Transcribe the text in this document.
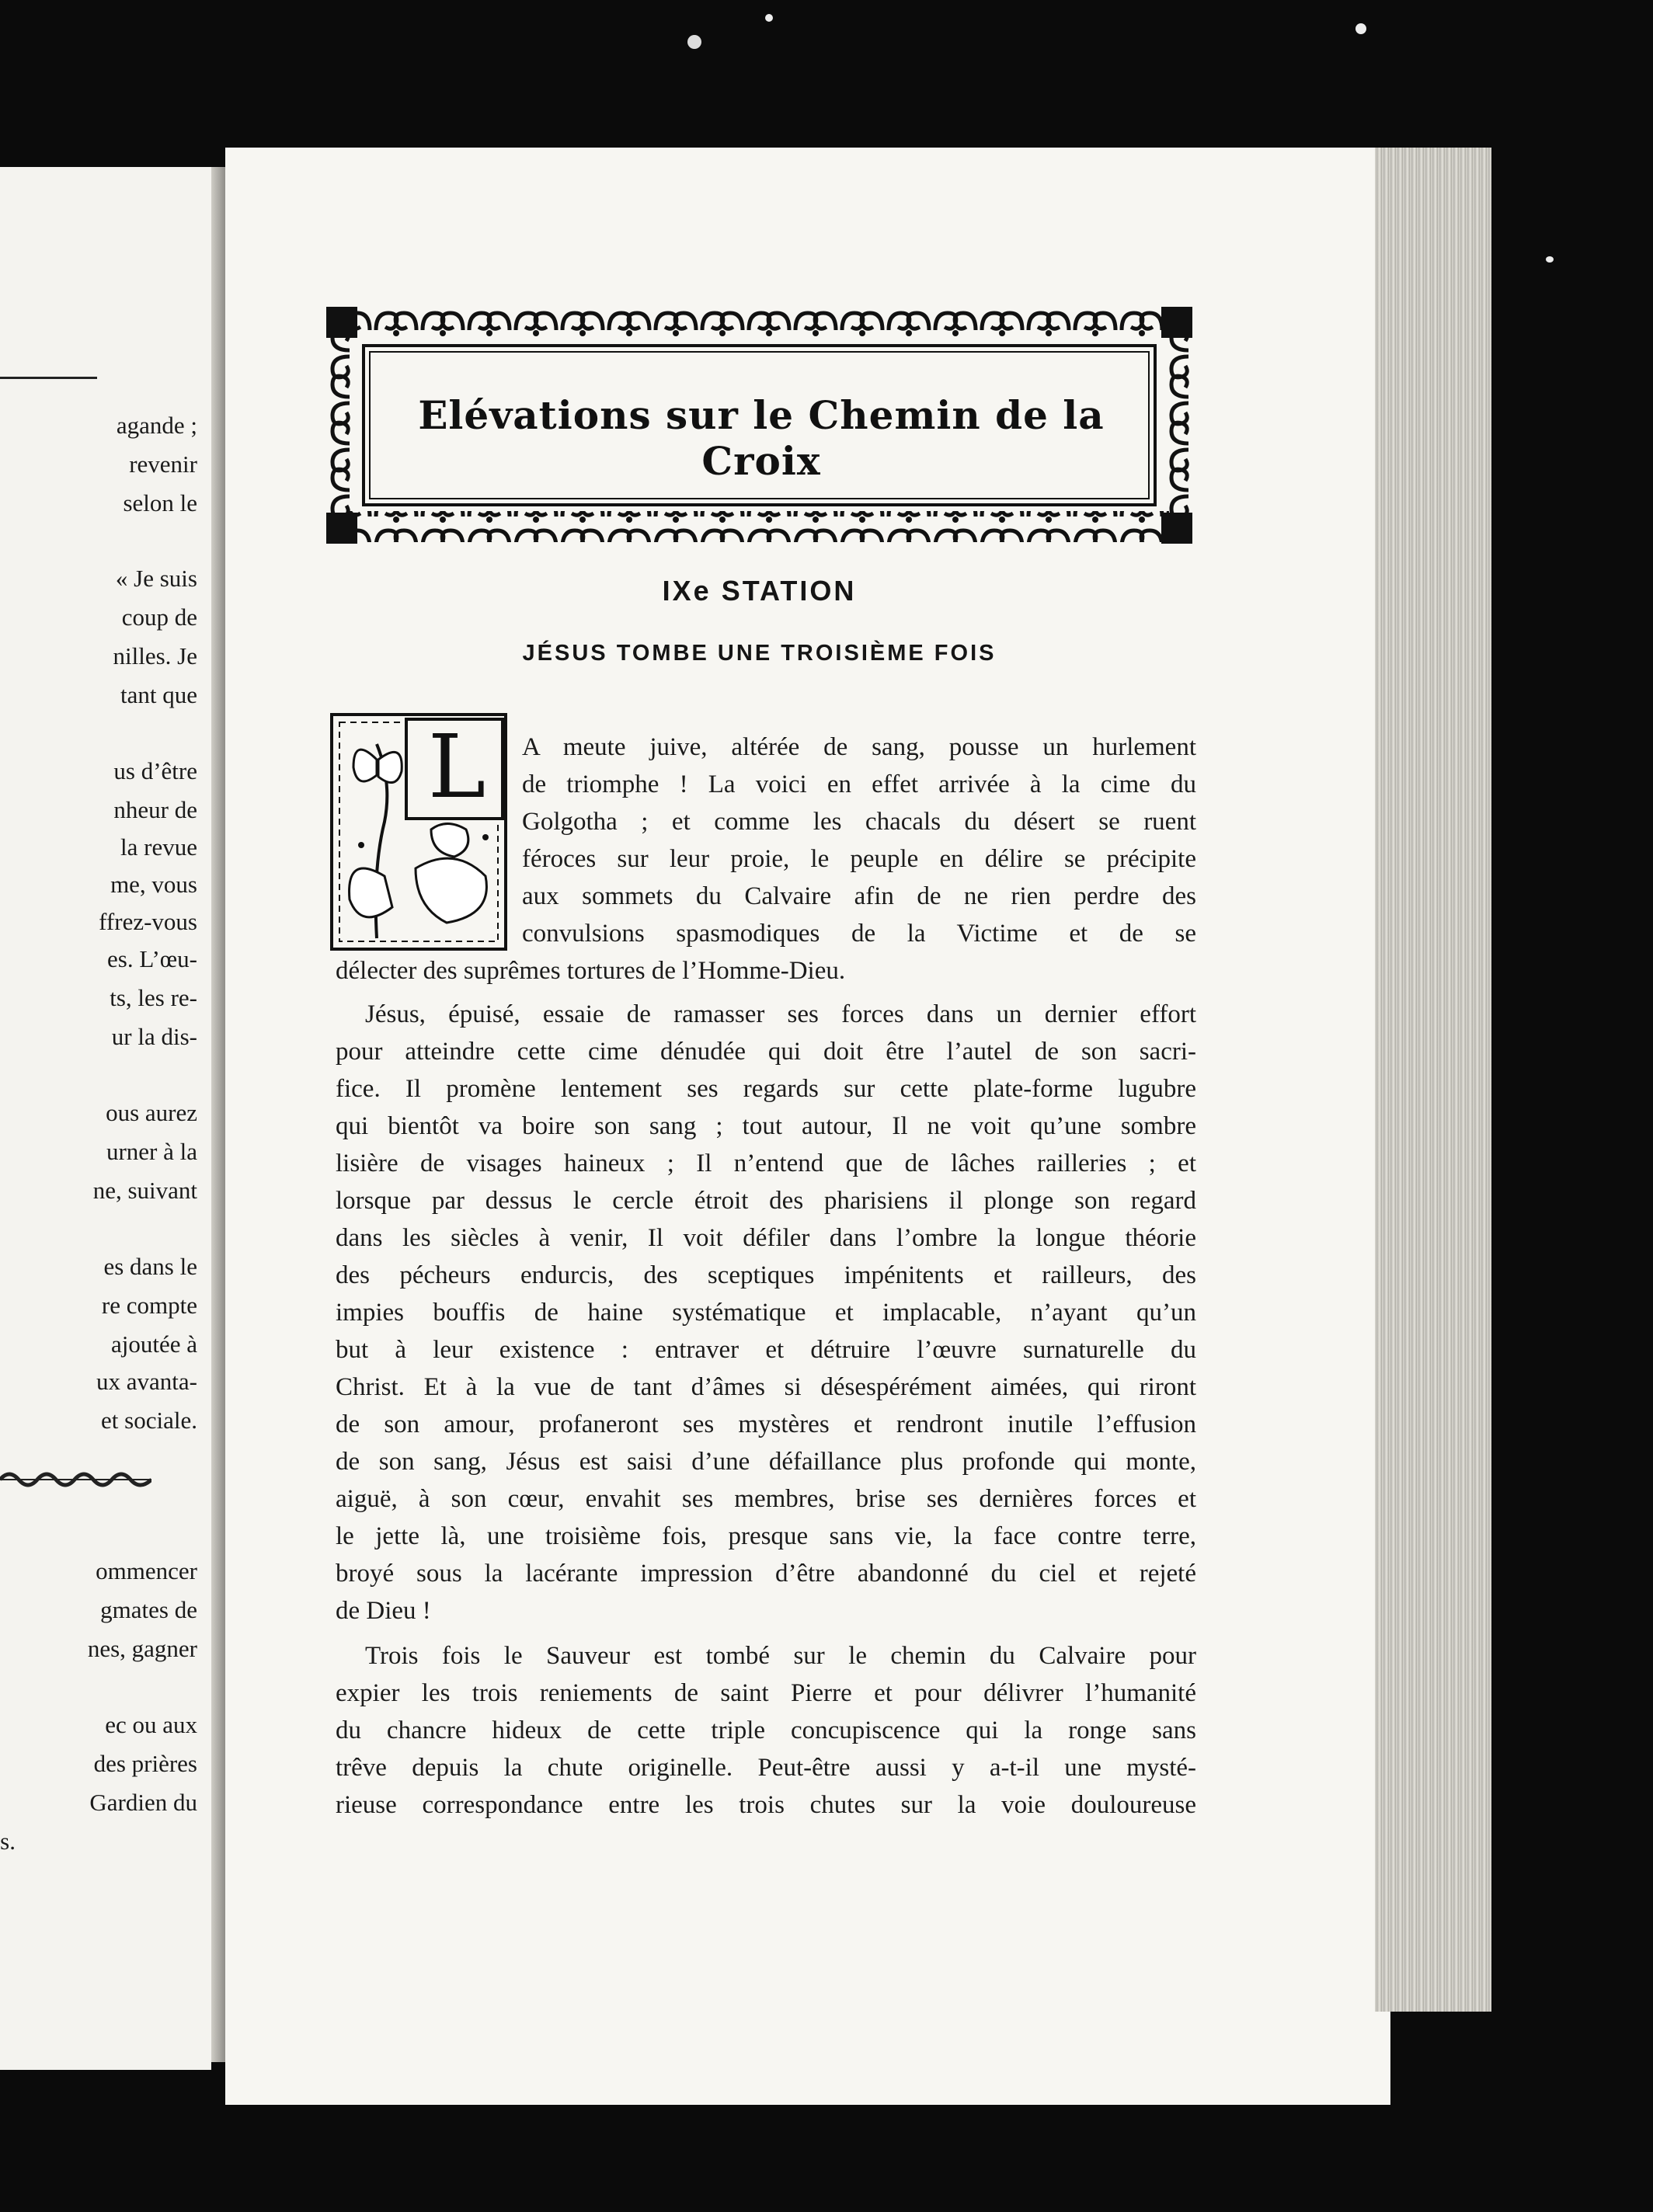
agande ;
revenir
selon le
« Je suis
coup de
nilles. Je
tant que
us d’être
nheur de
la revue
me, vous
ffrez-vous
es. L’œu-
ts, les re-
ur la dis-
ous aurez
urner à la
ne, suivant
es dans le
re compte
ajoutée à
ux avanta-
et sociale.
ommencer
gmates de
nes, gagner
ec ou aux
des prières
Gardien du
s.
Elévations sur le Chemin de la Croix
IXe STATION
JÉSUS TOMBE UNE TROISIÈME FOIS
L	A meute juive, altérée de sang, pousse un hurlement
de triomphe ! La voici en effet arrivée à la cime du
Golgotha ; et comme les chacals du désert se ruent
féroces sur leur proie, le peuple en délire se précipite
aux sommets du Calvaire afin de ne rien perdre des
convulsions spasmodiques de la Victime et de se
délecter des suprêmes tortures de l’Homme-Dieu.
Jésus, épuisé, essaie de ramasser ses forces dans un dernier effort
pour atteindre cette cime dénudée qui doit être l’autel de son sacri-
fice. Il promène lentement ses regards sur cette plate-forme lugubre
qui bientôt va boire son sang ; tout autour, Il ne voit qu’une sombre
lisière de visages haineux ; Il n’entend que de lâches railleries ; et
lorsque par dessus le cercle étroit des pharisiens il plonge son regard
dans les siècles à venir, Il voit défiler dans l’ombre la longue théorie
des pécheurs endurcis, des sceptiques impénitents et railleurs, des
impies bouffis de haine systématique et implacable, n’ayant qu’un
but à leur existence : entraver et détruire l’œuvre surnaturelle du
Christ. Et à la vue de tant d’âmes si désespérément aimées, qui riront
de son amour, profaneront ses mystères et rendront inutile l’effusion
de son sang, Jésus est saisi d’une défaillance plus profonde qui monte,
aiguë, à son cœur, envahit ses membres, brise ses dernières forces et
le jette là, une troisième fois, presque sans vie, la face contre terre,
broyé sous la lacérante impression d’être abandonné du ciel et rejeté
de Dieu !
Trois fois le Sauveur est tombé sur le chemin du Calvaire pour
expier les trois reniements de saint Pierre et pour délivrer l’humanité
du chancre hideux de cette triple concupiscence qui la ronge sans
trêve depuis la chute originelle. Peut-être aussi y a-t-il une mysté-
rieuse correspondance entre les trois chutes sur la voie douloureuse
